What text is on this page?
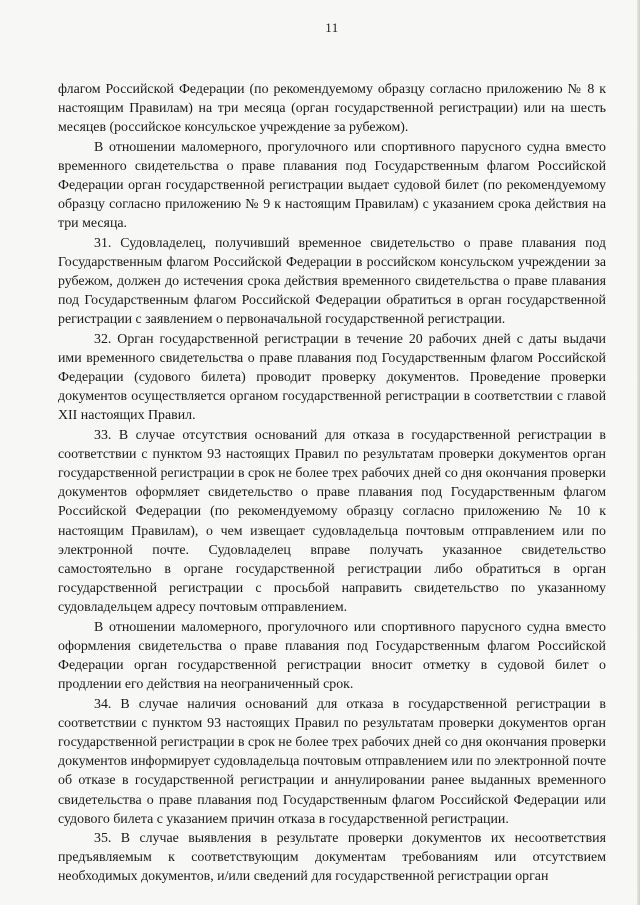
11

флагом Российской Федерации (по рекомендуемому образцу согласно приложению № 8 к настоящим Правилам) на три месяца (орган государственной регистрации) или на шесть месяцев (российское консульское учреждение за рубежом).

В отношении маломерного, прогулочного или спортивного парусного судна вместо временного свидетельства о праве плавания под Государственным флагом Российской Федерации орган государственной регистрации выдает судовой билет (по рекомендуемому образцу согласно приложению № 9 к настоящим Правилам) с указанием срока действия на три месяца.

31. Судовладелец, получивший временное свидетельство о праве плавания под Государственным флагом Российской Федерации в российском консульском учреждении за рубежом, должен до истечения срока действия временного свидетельства о праве плавания под Государственным флагом Российской Федерации обратиться в орган государственной регистрации с заявлением о первоначальной государственной регистрации.

32. Орган государственной регистрации в течение 20 рабочих дней с даты выдачи ими временного свидетельства о праве плавания под Государственным флагом Российской Федерации (судового билета) проводит проверку документов. Проведение проверки документов осуществляется органом государственной регистрации в соответствии с главой XII настоящих Правил.

33. В случае отсутствия оснований для отказа в государственной регистрации в соответствии с пунктом 93 настоящих Правил по результатам проверки документов орган государственной регистрации в срок не более трех рабочих дней со дня окончания проверки документов оформляет свидетельство о праве плавания под Государственным флагом Российской Федерации (по рекомендуемому образцу согласно приложению № 10 к настоящим Правилам), о чем извещает судовладельца почтовым отправлением или по электронной почте. Судовладелец вправе получать указанное свидетельство самостоятельно в органе государственной регистрации либо обратиться в орган государственной регистрации с просьбой направить свидетельство по указанному судовладельцем адресу почтовым отправлением.

В отношении маломерного, прогулочного или спортивного парусного судна вместо оформления свидетельства о праве плавания под Государственным флагом Российской Федерации орган государственной регистрации вносит отметку в судовой билет о продлении его действия на неограниченный срок.

34. В случае наличия оснований для отказа в государственной регистрации в соответствии с пунктом 93 настоящих Правил по результатам проверки документов орган государственной регистрации в срок не более трех рабочих дней со дня окончания проверки документов информирует судовладельца почтовым отправлением или по электронной почте об отказе в государственной регистрации и аннулировании ранее выданных временного свидетельства о праве плавания под Государственным флагом Российской Федерации или судового билета с указанием причин отказа в государственной регистрации.

35. В случае выявления в результате проверки документов их несоответствия предъявляемым к соответствующим документам требованиям или отсутствием необходимых документов, и/или сведений для государственной регистрации орган
